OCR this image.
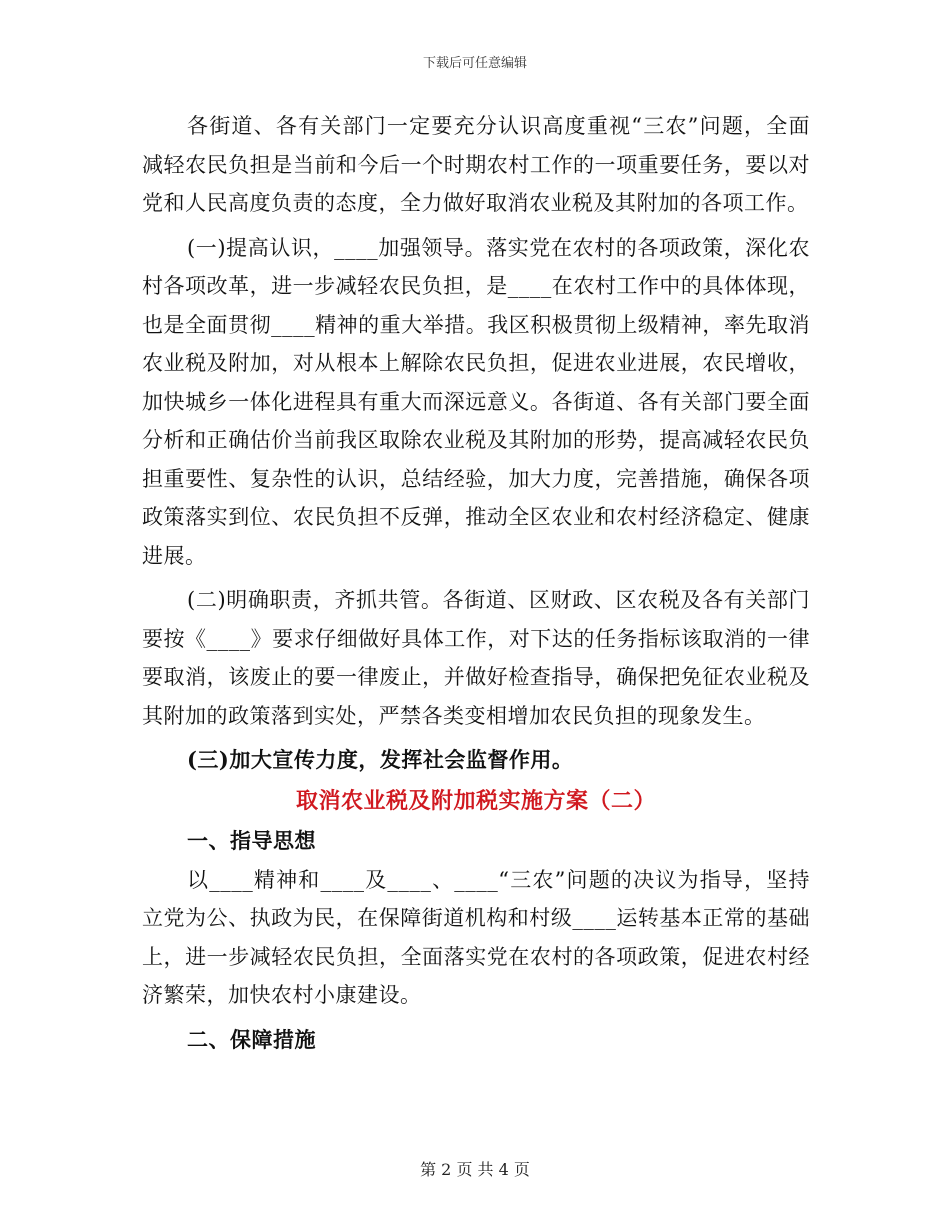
下载后可任意编辑

各街道、各有关部门一定要充分认识高度重视“三农”问题，全面减轻农民负担是当前和今后一个时期农村工作的一项重要任务，要以对党和人民高度负责的态度，全力做好取消农业税及其附加的各项工作。

(一)提高认识，____加强领导。落实党在农村的各项政策，深化农村各项改革，进一步减轻农民负担，是____在农村工作中的具体体现，也是全面贯彻____精神的重大举措。我区积极贯彻上级精神，率先取消农业税及附加，对从根本上解除农民负担，促进农业进展，农民增收，加快城乡一体化进程具有重大而深远意义。各街道、各有关部门要全面分析和正确估价当前我区取除农业税及其附加的形势，提高减轻农民负担重要性、复杂性的认识，总结经验，加大力度，完善措施，确保各项政策落实到位、农民负担不反弹，推动全区农业和农村经济稳定、健康进展。

(二)明确职责，齐抓共管。各街道、区财政、区农税及各有关部门要按《____》要求仔细做好具体工作，对下达的任务指标该取消的一律要取消，该废止的要一律废止，并做好检查指导，确保把免征农业税及其附加的政策落到实处，严禁各类变相增加农民负担的现象发生。

(三)加大宣传力度，发挥社会监督作用。

取消农业税及附加税实施方案（二）

一、指导思想

以____精神和____及____、____“三农”问题的决议为指导，坚持立党为公、执政为民，在保障街道机构和村级____运转基本正常的基础上，进一步减轻农民负担，全面落实党在农村的各项政策，促进农村经济繁荣，加快农村小康建设。

二、保障措施

第 2 页 共 4 页
